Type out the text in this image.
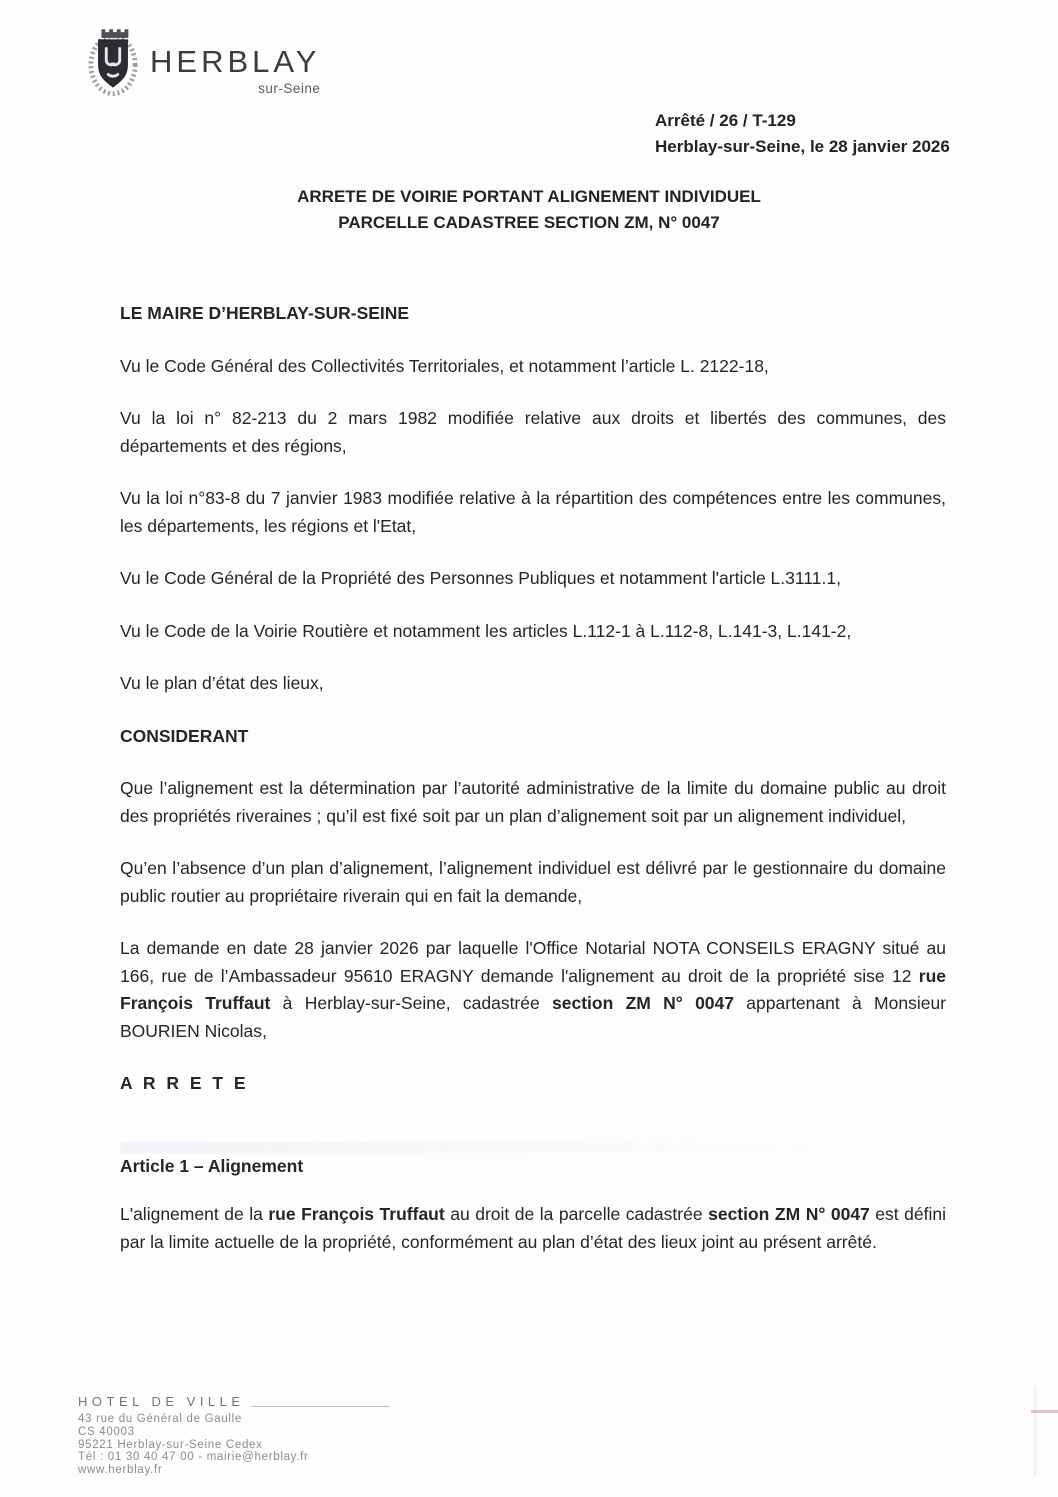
HERBLAY
sur-Seine
Arrêté / 26 / T-129
Herblay-sur-Seine, le 28 janvier 2026
ARRETE DE VOIRIE PORTANT ALIGNEMENT INDIVIDUEL
PARCELLE CADASTREE SECTION ZM, N° 0047

LE MAIRE D’HERBLAY-SUR-SEINE

Vu le Code Général des Collectivités Territoriales, et notamment l’article L. 2122-18,

Vu la loi n° 82-213 du 2 mars 1982 modifiée relative aux droits et libertés des communes, des départements et des régions,

Vu la loi n°83-8 du 7 janvier 1983 modifiée relative à la répartition des compétences entre les communes, les départements, les régions et l'Etat,

Vu le Code Général de la Propriété des Personnes Publiques et notamment l'article L.3111.1,

Vu le Code de la Voirie Routière et notamment les articles L.112-1 à L.112-8, L.141-3, L.141-2,

Vu le plan d’état des lieux,

CONSIDERANT

Que l’alignement est la détermination par l’autorité administrative de la limite du domaine public au droit des propriétés riveraines ; qu’il est fixé soit par un plan d’alignement soit par un alignement individuel,

Qu’en l’absence d’un plan d’alignement, l’alignement individuel est délivré par le gestionnaire du domaine public routier au propriétaire riverain qui en fait la demande,

La demande en date 28 janvier 2026 par laquelle l'Office Notarial NOTA CONSEILS ERAGNY situé au 166, rue de l’Ambassadeur 95610 ERAGNY demande l'alignement au droit de la propriété sise 12 rue François Truffaut à Herblay-sur-Seine, cadastrée section ZM N° 0047 appartenant à Monsieur BOURIEN Nicolas,

A R R E T E

Article 1 – Alignement

L'alignement de la rue François Truffaut au droit de la parcelle cadastrée section ZM N° 0047 est défini par la limite actuelle de la propriété, conformément au plan d’état des lieux joint au présent arrêté.

HOTEL DE VILLE
43 rue du Général de Gaulle
CS 40003
95221 Herblay-sur-Seine Cedex
Tél : 01 30 40 47 00 - mairie@herblay.fr
www.herblay.fr
